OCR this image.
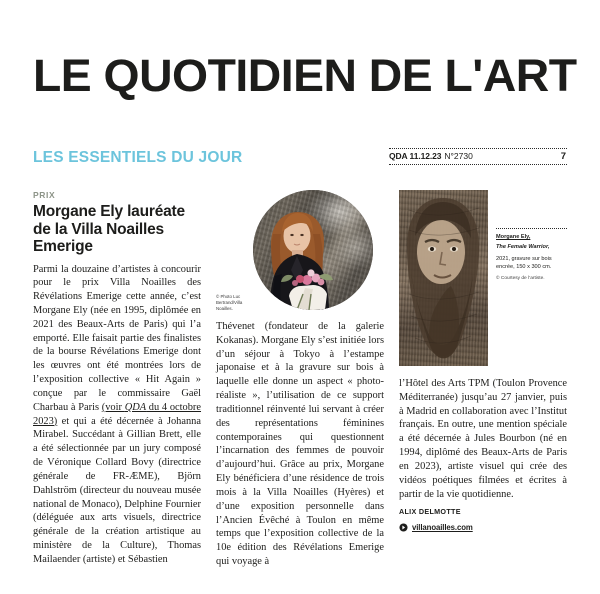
LE QUOTIDIEN DE L'ART
LES ESSENTIELS DU JOUR	QDA 11.12.23 N°2730	7
PRIX
Morgane Ely lauréate de la Villa Noailles Emerige

Parmi la douzaine d’artistes à concourir pour le prix Villa Noailles des Révélations Emerige cette année, c’est Morgane Ely (née en 1995, diplômée en 2021 des Beaux-Arts de Paris) qui l’a emporté. Elle faisait partie des finalistes de la bourse Révélations Emerige dont les œuvres ont été montrées lors de l’exposition collective « Hit Again » conçue par le commissaire Gaël Charbau à Paris (voir QDA du 4 octobre 2023) et qui a été décernée à Johanna Mirabel. Succédant à Gillian Brett, elle a été sélectionnée par un jury composé de Véronique Collard Bovy (directrice générale de FR-ÆME), Björn Dahlström (directeur du nouveau musée national de Monaco), Delphine Fournier (déléguée aux arts visuels, directrice générale de la création artistique au ministère de la Culture), Thomas Mailaender (artiste) et Sébastien

© Photo Luc Bertrand/Villa Noailles.

Thévenet (fondateur de la galerie Kokanas). Morgane Ely s’est initiée lors d’un séjour à Tokyo à l’estampe japonaise et à la gravure sur bois à laquelle elle donne un aspect « photo-réaliste », l’utilisation de ce support traditionnel réinventé lui servant à créer des représentations féminines contemporaines qui questionnent l’incarnation des femmes de pouvoir d’aujourd’hui. Grâce au prix, Morgane Ely bénéficiera d’une résidence de trois mois à la Villa Noailles (Hyères) et d’une exposition personnelle dans l’Ancien Évêché à Toulon en même temps que l’exposition collective de la 10e édition des Révélations Emerige qui voyage à

Morgane Ely,
The Female Warrior,
2021, gravure sur bois encrée, 150 x 300 cm.
© Courtesy de l’artiste.

l’Hôtel des Arts TPM (Toulon Provence Méditerranée) jusqu’au 27 janvier, puis à Madrid en collaboration avec l’Institut français. En outre, une mention spéciale a été décernée à Jules Bourbon (né en 1994, diplômé des Beaux-Arts de Paris en 2023), artiste visuel qui crée des vidéos poétiques filmées et écrites à partir de la vie quotidienne.

ALIX DELMOTTE
villanoailles.com
